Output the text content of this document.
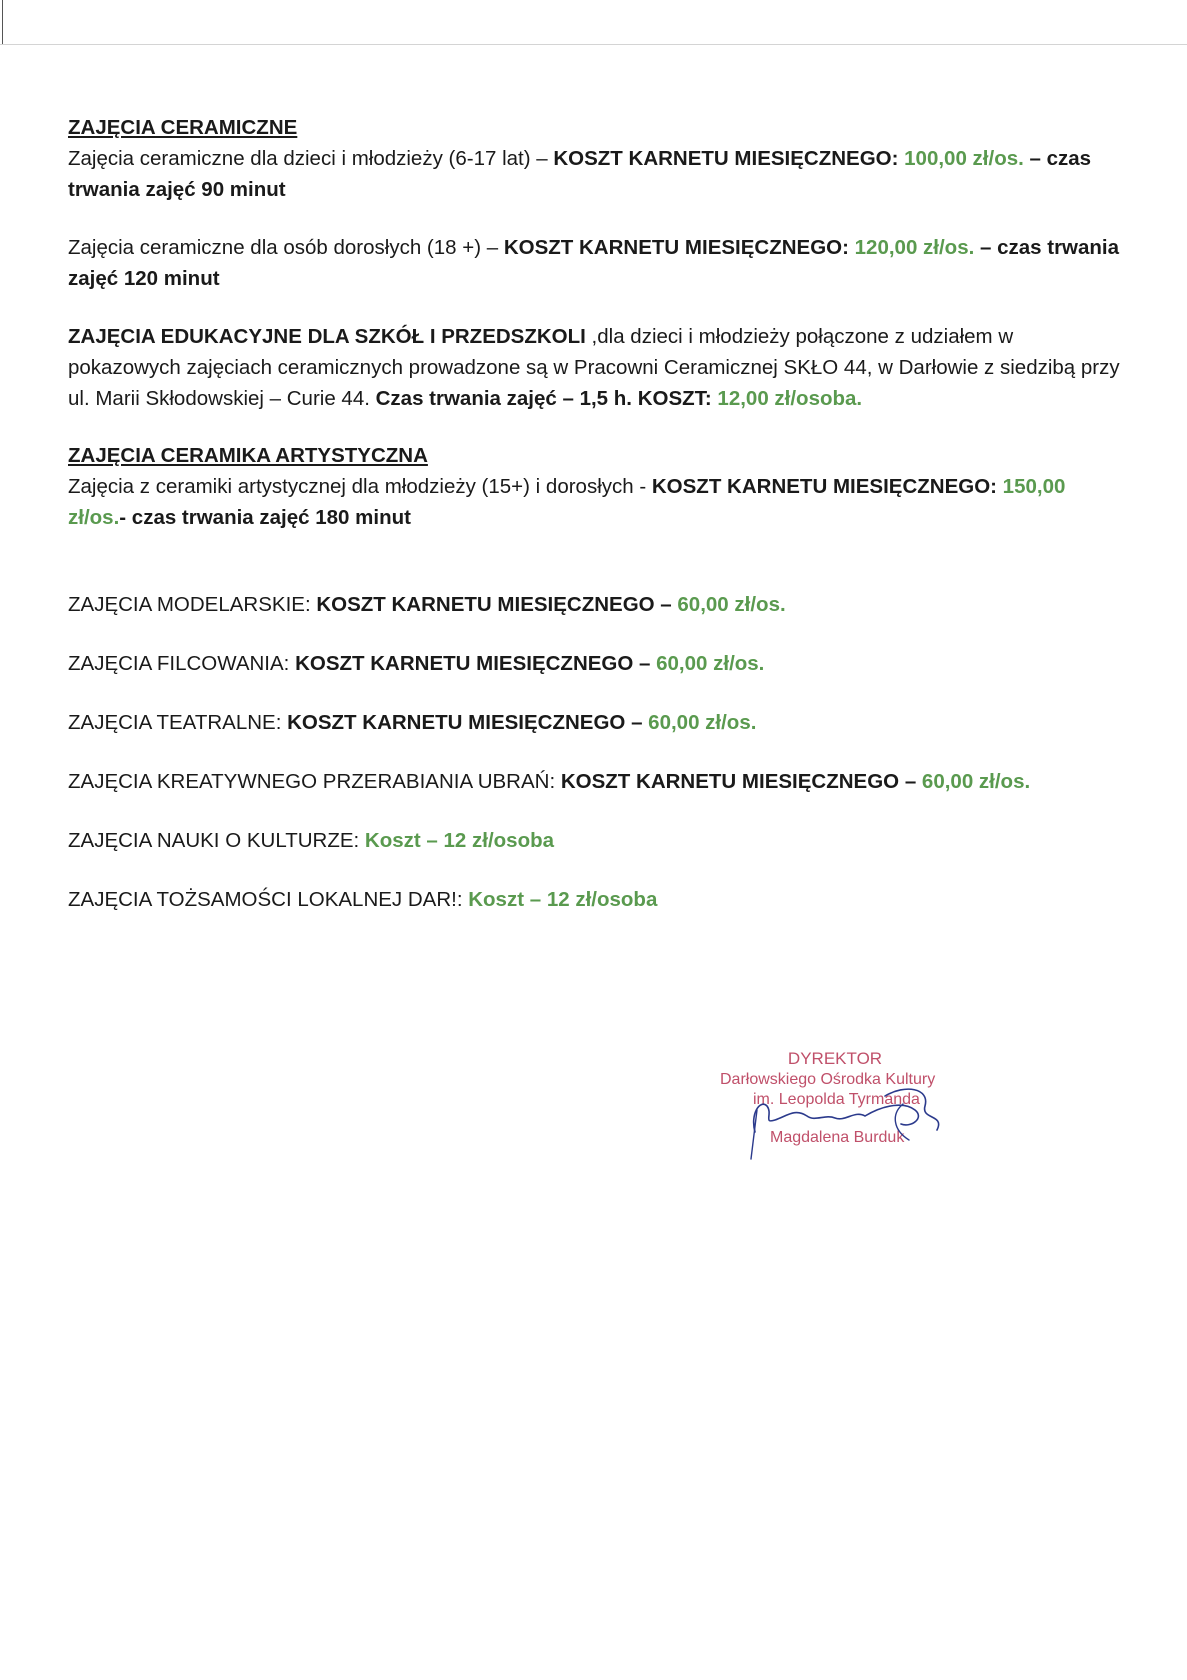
ZAJĘCIA CERAMICZNE

Zajęcia ceramiczne dla dzieci i młodzieży (6-17 lat) – KOSZT KARNETU MIESIĘCZNEGO: 100,00 zł/os. – czas trwania zajęć 90 minut

Zajęcia ceramiczne dla osób dorosłych (18 +) – KOSZT KARNETU MIESIĘCZNEGO: 120,00 zł/os. – czas trwania zajęć 120 minut

ZAJĘCIA EDUKACYJNE DLA SZKÓŁ I PRZEDSZKOLI ,dla dzieci i młodzieży połączone z udziałem w pokazowych zajęciach ceramicznych prowadzone są w Pracowni Ceramicznej SKŁO 44, w Darłowie z siedzibą przy ul. Marii Skłodowskiej – Curie 44. Czas trwania zajęć – 1,5 h. KOSZT: 12,00 zł/osoba.

ZAJĘCIA CERAMIKA ARTYSTYCZNA

Zajęcia z ceramiki artystycznej dla młodzieży (15+) i dorosłych - KOSZT KARNETU MIESIĘCZNEGO: 150,00 zł/os.- czas trwania zajęć 180 minut

ZAJĘCIA MODELARSKIE: KOSZT KARNETU MIESIĘCZNEGO – 60,00 zł/os.

ZAJĘCIA FILCOWANIA: KOSZT KARNETU MIESIĘCZNEGO – 60,00 zł/os.

ZAJĘCIA TEATRALNE: KOSZT KARNETU MIESIĘCZNEGO – 60,00 zł/os.

ZAJĘCIA KREATYWNEGO PRZERABIANIA UBRAŃ: KOSZT KARNETU MIESIĘCZNEGO – 60,00 zł/os.

ZAJĘCIA NAUKI O KULTURZE: Koszt – 12 zł/osoba

ZAJĘCIA TOŻSAMOŚCI LOKALNEJ DAR!: Koszt – 12 zł/osoba

DYREKTOR
Darłowskiego Ośrodka Kultury
im. Leopolda Tyrmanda
Magdalena Burduk
